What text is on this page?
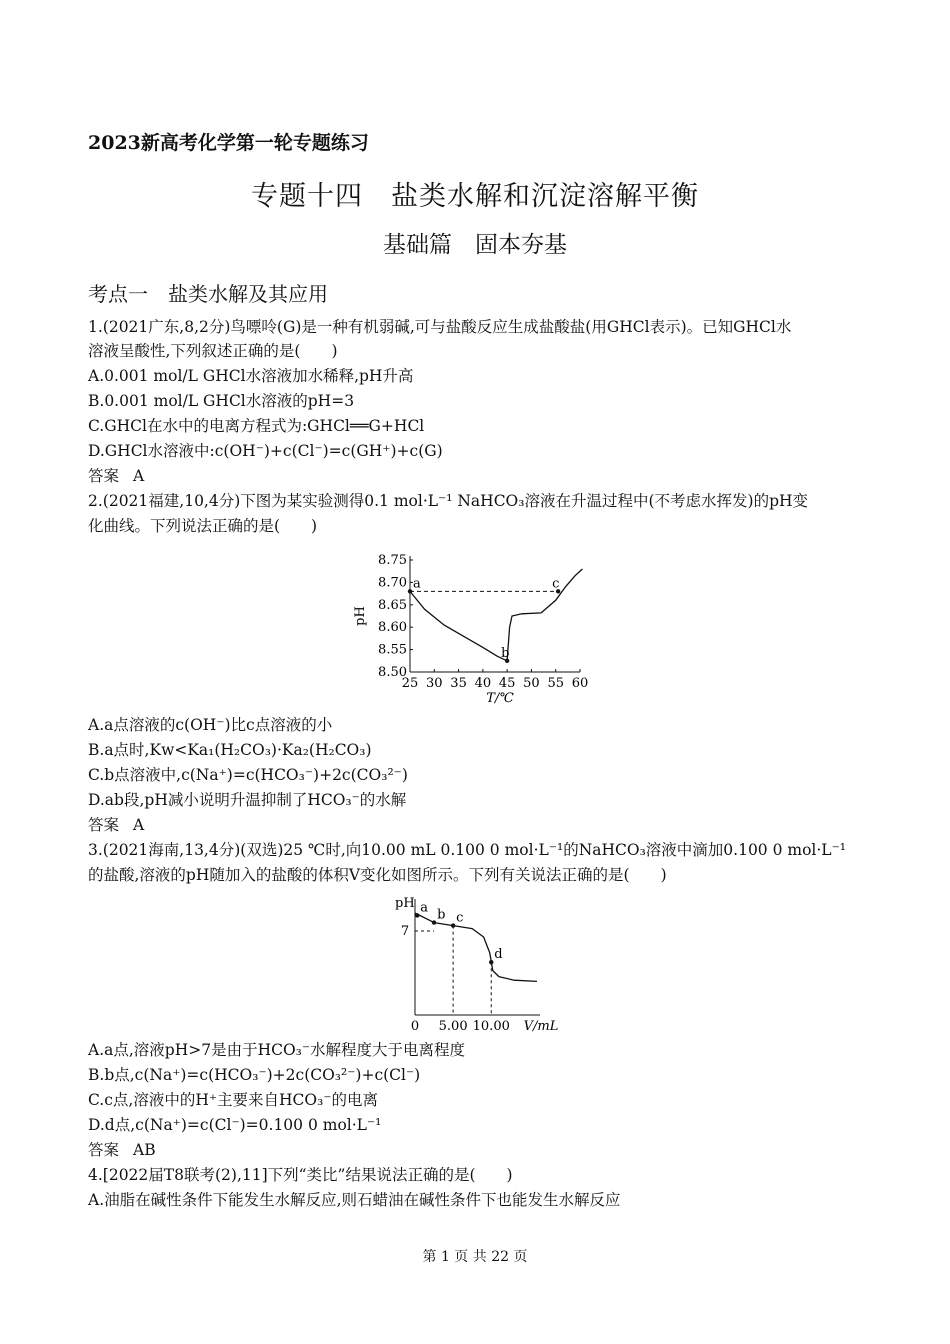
2023新高考化学第一轮专题练习
专题十四　盐类水解和沉淀溶解平衡
基础篇　固本夯基
考点一　盐类水解及其应用
1.(2021广东,8,2分)鸟嘌呤(G)是一种有机弱碱,可与盐酸反应生成盐酸盐(用GHCl表示)。已知GHCl水
溶液呈酸性,下列叙述正确的是(　　)
A.0.001 mol/L GHCl水溶液加水稀释,pH升高
B.0.001 mol/L GHCl水溶液的pH=3
C.GHCl在水中的电离方程式为:GHCl══G+HCl
D.GHCl水溶液中:c(OH⁻)+c(Cl⁻)=c(GH⁺)+c(G)
答案 A
2.(2021福建,10,4分)下图为某实验测得0.1 mol·L⁻¹ NaHCO₃溶液在升温过程中(不考虑水挥发)的pH变
化曲线。下列说法正确的是(　　)
25 30 35 40 45 50 55 60
8.50
8.55
8.60
8.65
8.70
8.75
pH
T/℃
a
b
c
A.a点溶液的c(OH⁻)比c点溶液的小
B.a点时,Kw<Ka₁(H₂CO₃)·Ka₂(H₂CO₃)
C.b点溶液中,c(Na⁺)=c(HCO₃⁻)+2c(CO₃²⁻)
D.ab段,pH减小说明升温抑制了HCO₃⁻的水解
答案 A
3.(2021海南,13,4分)(双选)25 ℃时,向10.00 mL 0.100 0 mol·L⁻¹的NaHCO₃溶液中滴加0.100 0 mol·L⁻¹
的盐酸,溶液的pH随加入的盐酸的体积V变化如图所示。下列有关说法正确的是(　　)
pH
V/mL
0 5.00 10.00
7
a b c
d
A.a点,溶液pH>7是由于HCO₃⁻水解程度大于电离程度
B.b点,c(Na⁺)=c(HCO₃⁻)+2c(CO₃²⁻)+c(Cl⁻)
C.c点,溶液中的H⁺主要来自HCO₃⁻的电离
D.d点,c(Na⁺)=c(Cl⁻)=0.100 0 mol·L⁻¹
答案 AB
4.[2022届T8联考(2),11]下列“类比”结果说法正确的是(　　)
A.油脂在碱性条件下能发生水解反应,则石蜡油在碱性条件下也能发生水解反应
第 1 页 共 22 页
